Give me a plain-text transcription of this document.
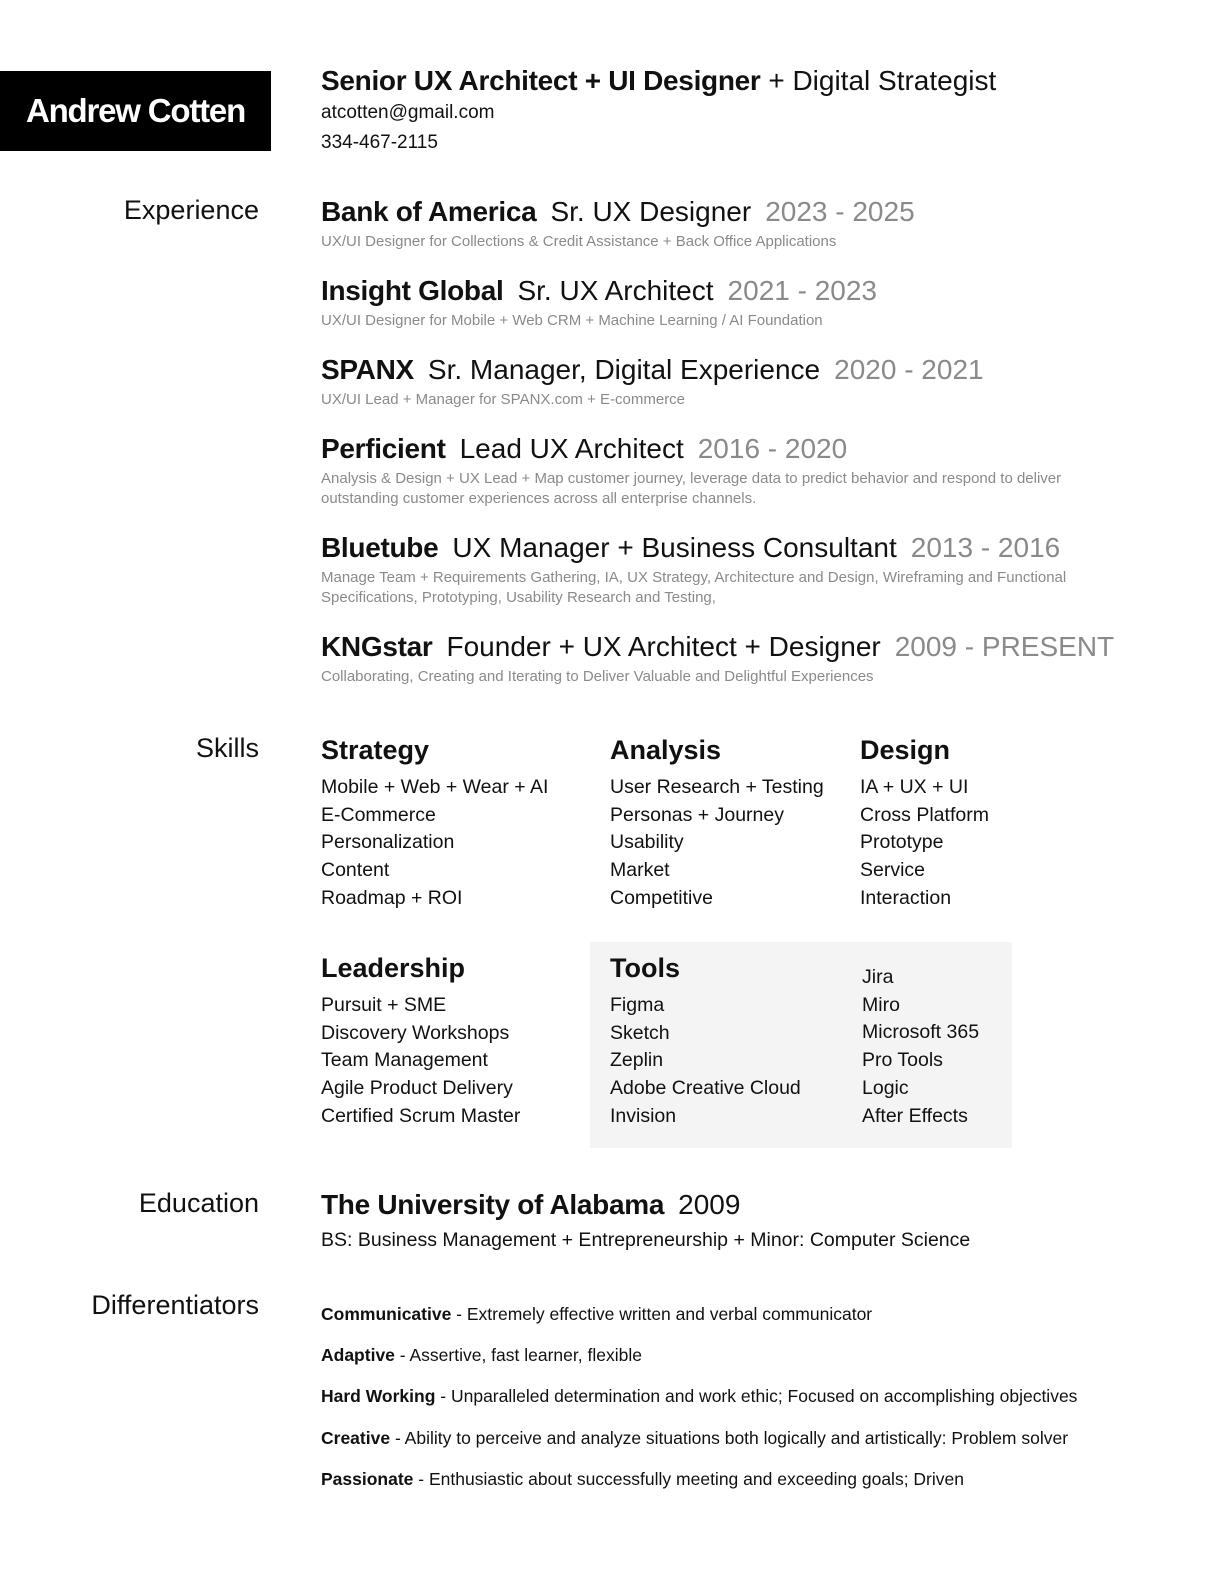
Andrew Cotten
Senior UX Architect + UI Designer + Digital Strategist
atcotten@gmail.com
334-467-2115
Experience
Skills
Education
Differentiators
Bank of America Sr. UX Designer 2023 - 2025
UX/UI Designer for Collections & Credit Assistance + Back Office Applications
Insight Global Sr. UX Architect 2021 - 2023
UX/UI Designer for Mobile + Web CRM + Machine Learning / AI Foundation
SPANX Sr. Manager, Digital Experience 2020 - 2021
UX/UI Lead + Manager for SPANX.com + E-commerce
Perficient Lead UX Architect 2016 - 2020
Analysis & Design + UX Lead + Map customer journey, leverage data to predict behavior and respond to deliver outstanding customer experiences across all enterprise channels.
Bluetube UX Manager + Business Consultant 2013 - 2016
Manage Team + Requirements Gathering, IA, UX Strategy, Architecture and Design, Wireframing and Functional Specifications, Prototyping, Usability Research and Testing,
KNGstar Founder + UX Architect + Designer 2009 - PRESENT
Collaborating, Creating and Iterating to Deliver Valuable and Delightful Experiences
Strategy
Mobile + Web + Wear + AI
E-Commerce
Personalization
Content
Roadmap + ROI
Analysis
User Research + Testing
Personas + Journey
Usability
Market
Competitive
Design
IA + UX + UI
Cross Platform
Prototype
Service
Interaction
Leadership
Pursuit + SME
Discovery Workshops
Team Management
Agile Product Delivery
Certified Scrum Master
Tools
Figma
Sketch
Zeplin
Adobe Creative Cloud
Invision
Jira
Miro
Microsoft 365
Pro Tools
Logic
After Effects
The University of Alabama 2009
BS: Business Management + Entrepreneurship + Minor: Computer Science
Communicative - Extremely effective written and verbal communicator
Adaptive - Assertive, fast learner, flexible
Hard Working - Unparalleled determination and work ethic; Focused on accomplishing objectives
Creative - Ability to perceive and analyze situations both logically and artistically: Problem solver
Passionate - Enthusiastic about successfully meeting and exceeding goals; Driven
